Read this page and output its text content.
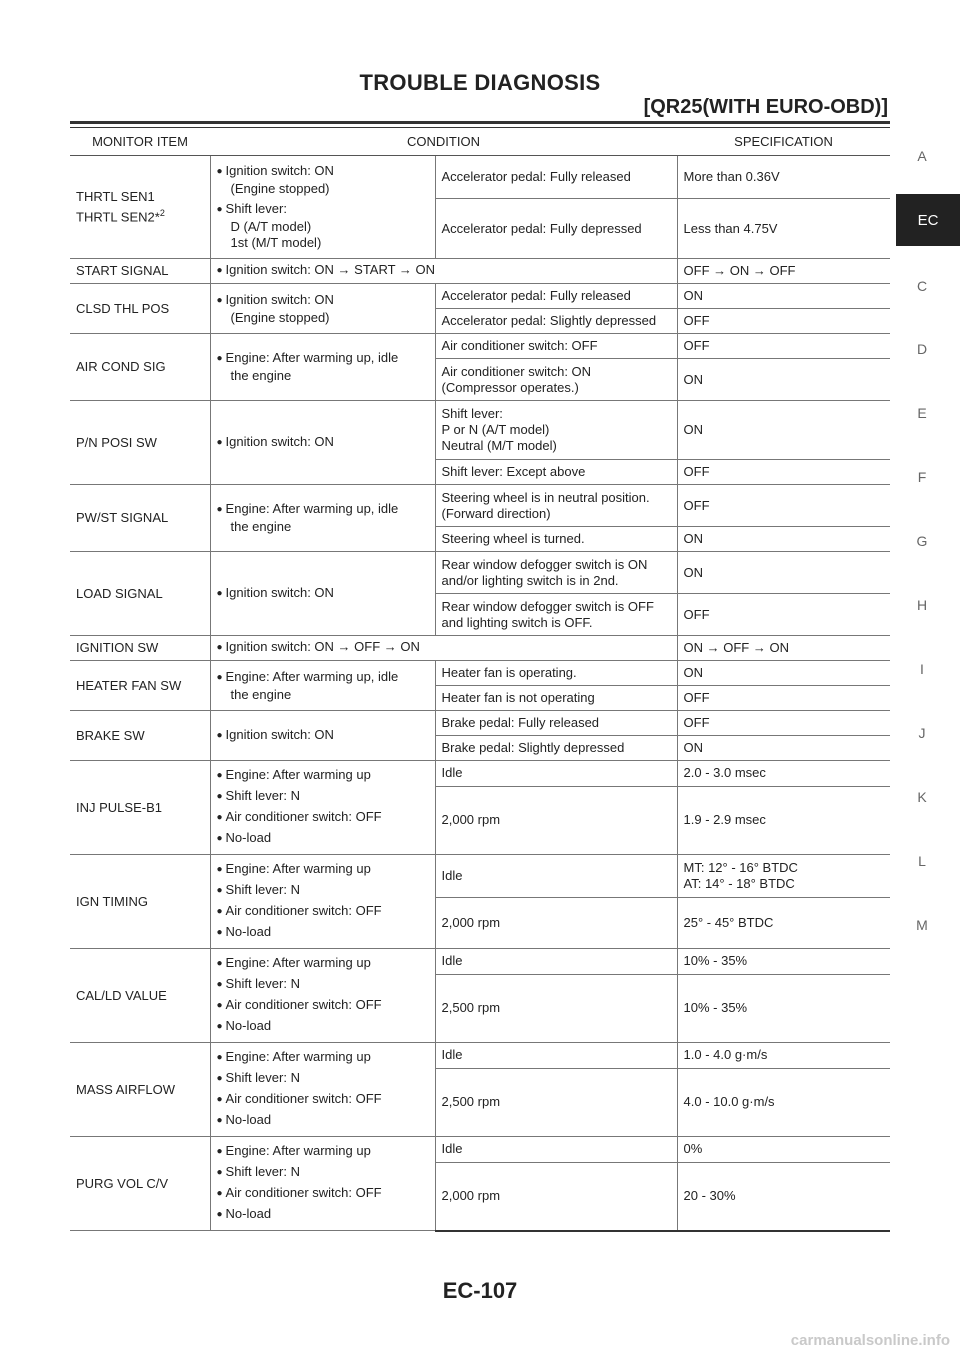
TROUBLE DIAGNOSIS
[QR25(WITH EURO-OBD)]
A
C
D
E
F
G
H
I
J
K
L
M
EC
MONITOR ITEM	CONDITION		SPECIFICATION

THRTL SEN1
THRTL SEN2*$^2$	● Ignition switch: ON
(Engine stopped)
● Shift lever:
D (A/T model)
1st (M/T model)	Accelerator pedal: Fully released	More than 0.36V
		Accelerator pedal: Fully depressed	Less than 4.75V
START SIGNAL	● Ignition switch: ON → START → ON		OFF → ON → OFF
CLSD THL POS	● Ignition switch: ON
(Engine stopped)	Accelerator pedal: Fully released	ON
		Accelerator pedal: Slightly depressed	OFF
AIR COND SIG	● Engine: After warming up, idle
the engine	Air conditioner switch: OFF	OFF

		Air conditioner switch: ON
(Compressor operates.)	ON
P/N POSI SW	● Ignition switch: ON	Shift lever:
P or N (A/T model)
Neutral (M/T model)	ON
		Shift lever: Except above	OFF
PW/ST SIGNAL	● Engine: After warming up, idle
the engine	Steering wheel is in neutral position.
(Forward direction)	OFF
		Steering wheel is turned.	ON
LOAD SIGNAL	● Ignition switch: ON	Rear window defogger switch is ON
and/or lighting switch is in 2nd.	ON

		Rear window defogger switch is OFF
and lighting switch is OFF.	OFF
IGNITION SW	● Ignition switch: ON → OFF → ON		ON → OFF → ON
HEATER FAN SW	● Engine: After warming up, idle
the engine	Heater fan is operating.	ON
		Heater fan is not operating	OFF
BRAKE SW	● Ignition switch: ON	Brake pedal: Fully released	OFF
		Brake pedal: Slightly depressed	ON
INJ PULSE-B1	● Engine: After warming up
● Shift lever: N
● Air conditioner switch: OFF
● No-load	Idle	2.0 - 3.0 msec
		2,000 rpm	1.9 - 2.9 msec
IGN TIMING	● Engine: After warming up
● Shift lever: N
● Air conditioner switch: OFF
● No-load	Idle	MT: 12° - 16° BTDC
AT: 14° - 18° BTDC

		2,000 rpm	25° - 45° BTDC
CAL/LD VALUE	● Engine: After warming up
● Shift lever: N
● Air conditioner switch: OFF
● No-load	Idle	10% - 35%
		2,500 rpm	10% - 35%
MASS AIRFLOW	● Engine: After warming up
● Shift lever: N
● Air conditioner switch: OFF
● No-load	Idle	1.0 - 4.0 g·m/s
		2,500 rpm	4.0 - 10.0 g·m/s
PURG VOL C/V	● Engine: After warming up
● Shift lever: N
● Air conditioner switch: OFF
● No-load	Idle	0%
		2,000 rpm	20 - 30%
EC-107
carmanualsonline.info
